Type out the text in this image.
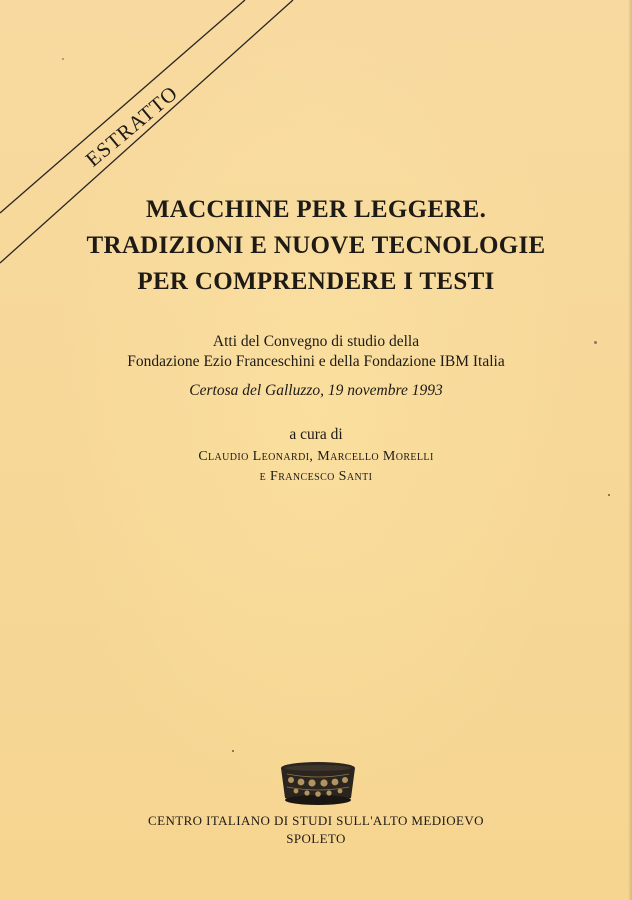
ESTRATTO
MACCHINE PER LEGGERE.
TRADIZIONI E NUOVE TECNOLOGIE
PER COMPRENDERE I TESTI
Atti del Convegno di studio della
Fondazione Ezio Franceschini e della Fondazione IBM Italia
Certosa del Galluzzo, 19 novembre 1993
a cura di
Claudio Leonardi, Marcello Morelli
e Francesco Santi
CENTRO ITALIANO DI STUDI SULL'ALTO MEDIOEVO
SPOLETO
